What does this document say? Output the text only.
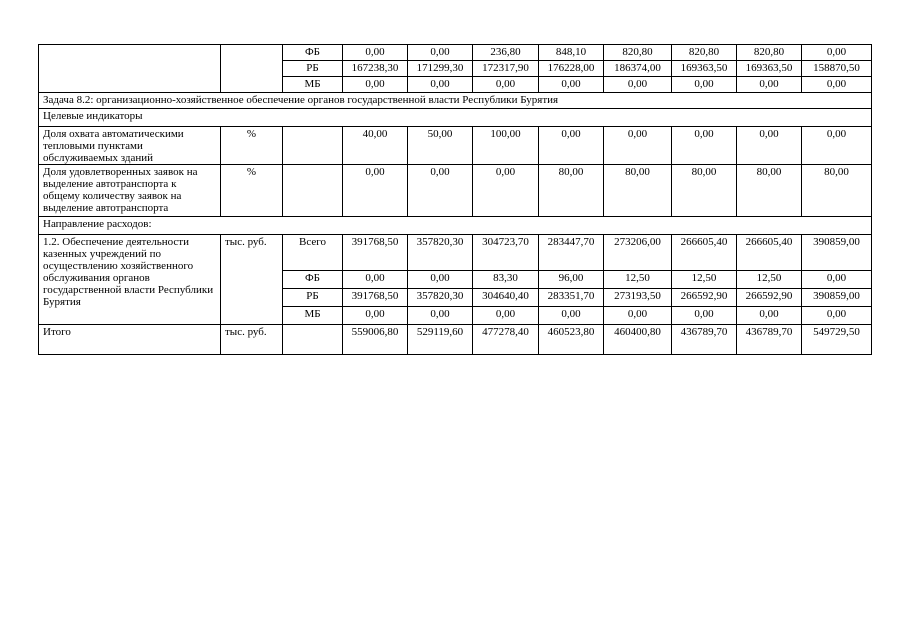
		ФБ	0,00	0,00	236,80	848,10	820,80	820,80	820,80	0,00
		РБ	167238,30	171299,30	172317,90	176228,00	186374,00	169363,50	169363,50	158870,50
		МБ	0,00	0,00	0,00	0,00	0,00	0,00	0,00	0,00
Задача 8.2: организационно-хозяйственное обеспечение органов государственной власти Республики Бурятия										
Целевые индикаторы										
Доля охвата автоматическими тепловыми пунктами обслуживаемых зданий	%		40,00	50,00	100,00	0,00	0,00	0,00	0,00	0,00
Доля удовлетворенных заявок на выделение автотранспорта к общему количеству заявок на выделение автотранспорта	%		0,00	0,00	0,00	80,00	80,00	80,00	80,00	80,00
Направление расходов:										
1.2. Обеспечение деятельности казенных учреждений по осуществлению хозяйственного обслуживания органов государственной власти Республики Бурятия	тыс. руб.	Всего	391768,50	357820,30	304723,70	283447,70	273206,00	266605,40	266605,40	390859,00
		ФБ	0,00	0,00	83,30	96,00	12,50	12,50	12,50	0,00
		РБ	391768,50	357820,30	304640,40	283351,70	273193,50	266592,90	266592,90	390859,00
		МБ	0,00	0,00	0,00	0,00	0,00	0,00	0,00	0,00
Итого	тыс. руб.		559006,80	529119,60	477278,40	460523,80	460400,80	436789,70	436789,70	549729,50
